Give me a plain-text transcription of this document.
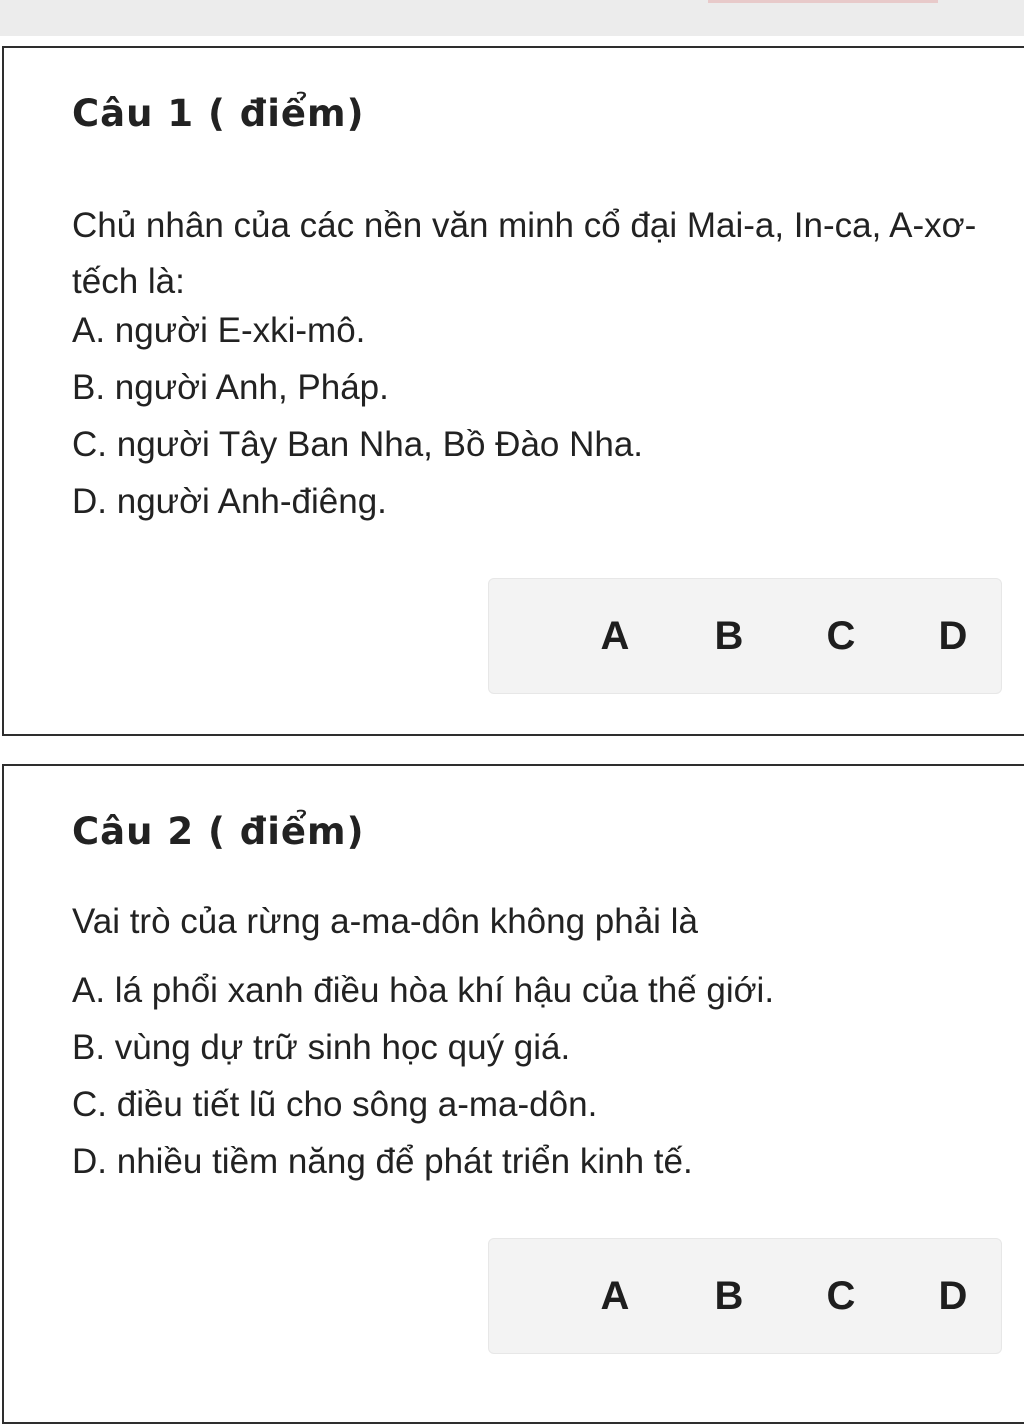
Câu 1 ( điểm)
Chủ nhân của các nền văn minh cổ đại Mai-a, In-ca, A-xơ-tếch là:
A. người E-xki-mô.
B. người Anh, Pháp.
C. người Tây Ban Nha, Bồ Đào Nha.
D. người Anh-điêng.
A	B	C	D
Câu 2 ( điểm)
Vai trò của rừng a-ma-dôn không phải là
A. lá phổi xanh điều hòa khí hậu của thế giới.
B. vùng dự trữ sinh học quý giá.
C. điều tiết lũ cho sông a-ma-dôn.
D. nhiều tiềm năng để phát triển kinh tế.
A	B	C	D
